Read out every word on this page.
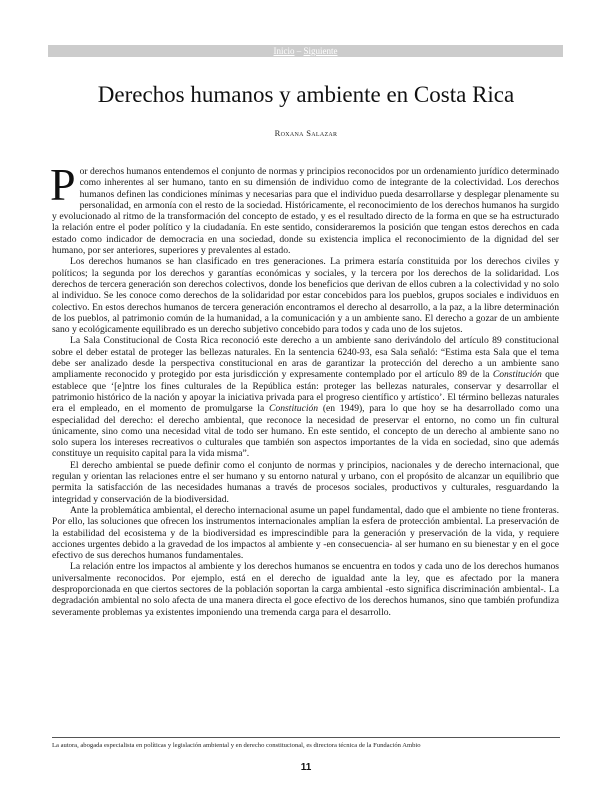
Inicio – Siguiente
Derechos humanos y ambiente en Costa Rica
Roxana Salazar

Por derechos humanos entendemos el conjunto de normas y principios reconocidos por un ordenamiento jurídico determinado como inherentes al ser humano, tanto en su dimensión de individuo como de integrante de la colectividad. Los derechos humanos definen las condiciones mínimas y necesarias para que el individuo pueda desarrollarse y desplegar plenamente su personalidad, en armonía con el resto de la sociedad. Históricamente, el reconocimiento de los derechos humanos ha surgido y evolucionado al ritmo de la transformación del concepto de estado, y es el resultado directo de la forma en que se ha estructurado la relación entre el poder político y la ciudadanía. En este sentido, consideraremos la posición que tengan estos derechos en cada estado como indicador de democracia en una sociedad, donde su existencia implica el reconocimiento de la dignidad del ser humano, por ser anteriores, superiores y prevalentes al estado.

Los derechos humanos se han clasificado en tres generaciones. La primera estaría constituida por los derechos civiles y políticos; la segunda por los derechos y garantías económicas y sociales, y la tercera por los derechos de la solidaridad. Los derechos de tercera generación son derechos colectivos, donde los beneficios que derivan de ellos cubren a la colectividad y no solo al individuo. Se les conoce como derechos de la solidaridad por estar concebidos para los pueblos, grupos sociales e individuos en colectivo. En estos derechos humanos de tercera generación encontramos el derecho al desarrollo, a la paz, a la libre determinación de los pueblos, al patrimonio común de la humanidad, a la comunicación y a un ambiente sano. El derecho a gozar de un ambiente sano y ecológicamente equilibrado es un derecho subjetivo concebido para todos y cada uno de los sujetos.

La Sala Constitucional de Costa Rica reconoció este derecho a un ambiente sano derivándolo del artículo 89 constitucional sobre el deber estatal de proteger las bellezas naturales. En la sentencia 6240-93, esa Sala señaló: “Estima esta Sala que el tema debe ser analizado desde la perspectiva constitucional en aras de garantizar la protección del derecho a un ambiente sano ampliamente reconocido y protegido por esta jurisdicción y expresamente contemplado por el artículo 89 de la Constitución que establece que ‘[e]ntre los fines culturales de la República están: proteger las bellezas naturales, conservar y desarrollar el patrimonio histórico de la nación y apoyar la iniciativa privada para el progreso científico y artístico’. El término bellezas naturales era el empleado, en el momento de promulgarse la Constitución (en 1949), para lo que hoy se ha desarrollado como una especialidad del derecho: el derecho ambiental, que reconoce la necesidad de preservar el entorno, no como un fin cultural únicamente, sino como una necesidad vital de todo ser humano. En este sentido, el concepto de un derecho al ambiente sano no solo supera los intereses recreativos o culturales que también son aspectos importantes de la vida en sociedad, sino que además constituye un requisito capital para la vida misma”.

El derecho ambiental se puede definir como el conjunto de normas y principios, nacionales y de derecho internacional, que regulan y orientan las relaciones entre el ser humano y su entorno natural y urbano, con el propósito de alcanzar un equilibrio que permita la satisfacción de las necesidades humanas a través de procesos sociales, productivos y culturales, resguardando la integridad y conservación de la biodiversidad.

Ante la problemática ambiental, el derecho internacional asume un papel fundamental, dado que el ambiente no tiene fronteras. Por ello, las soluciones que ofrecen los instrumentos internacionales amplían la esfera de protección ambiental. La preservación de la estabilidad del ecosistema y de la biodiversidad es imprescindible para la generación y preservación de la vida, y requiere acciones urgentes debido a la gravedad de los impactos al ambiente y -en consecuencia- al ser humano en su bienestar y en el goce efectivo de sus derechos humanos fundamentales.

La relación entre los impactos al ambiente y los derechos humanos se encuentra en todos y cada uno de los derechos humanos universalmente reconocidos. Por ejemplo, está en el derecho de igualdad ante la ley, que es afectado por la manera desproporcionada en que ciertos sectores de la población soportan la carga ambiental -esto significa discriminación ambiental-. La degradación ambiental no solo afecta de una manera directa el goce efectivo de los derechos humanos, sino que también profundiza severamente problemas ya existentes imponiendo una tremenda carga para el desarrollo.

La autora, abogada especialista en políticas y legislación ambiental y en derecho constitucional, es directora técnica de la Fundación Ambio
11
